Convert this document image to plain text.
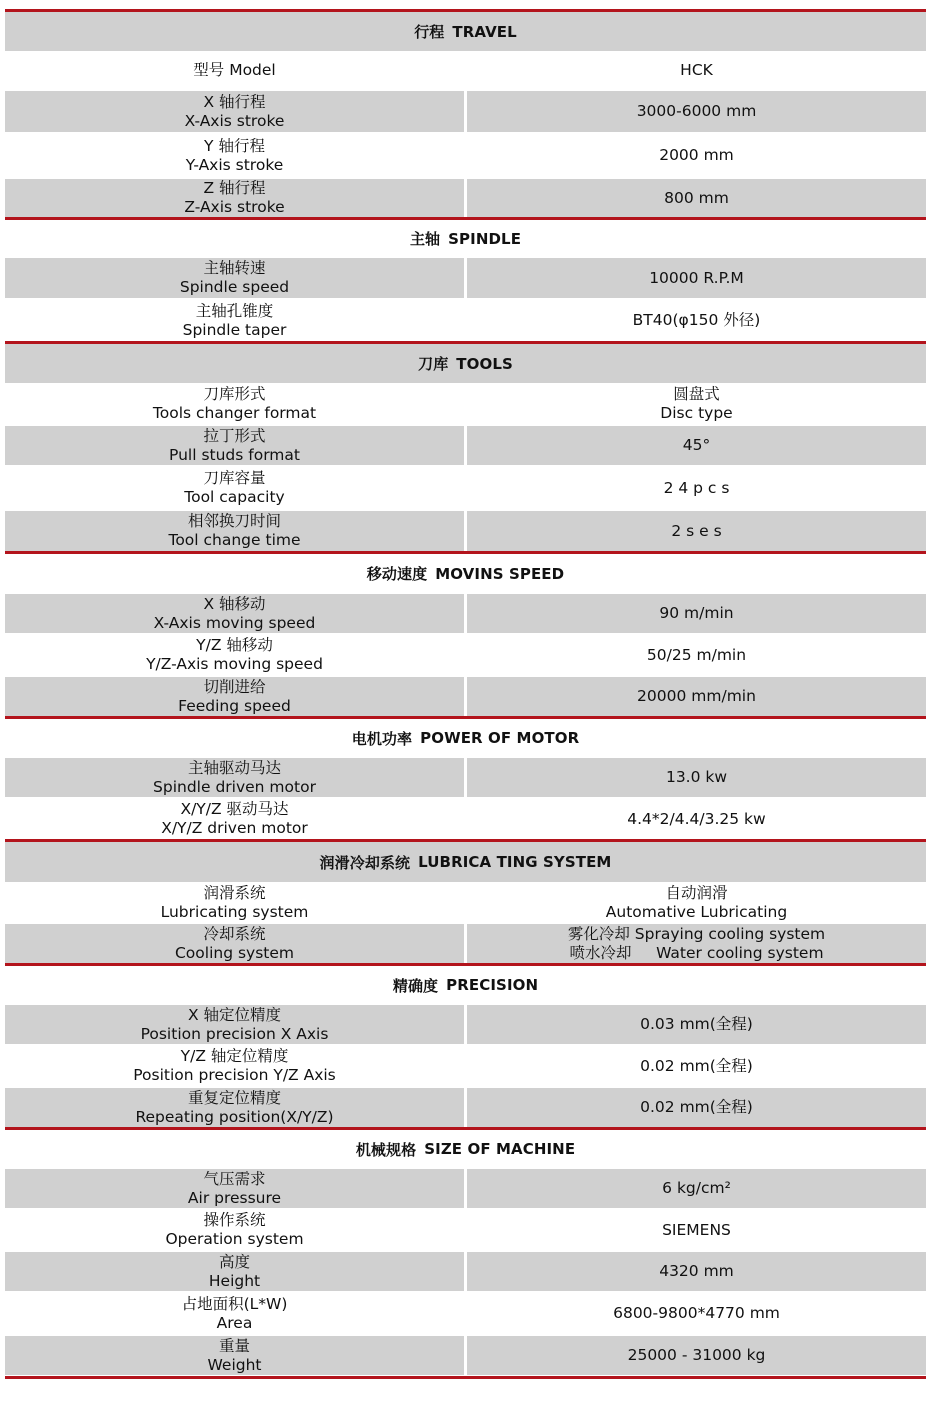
行程 TRAVEL
型号 Model	HCK
X 轴行程
X-Axis stroke
3000-6000 mm
Y 轴行程
Y-Axis stroke
2000 mm
Z 轴行程
Z-Axis stroke
800 mm
主轴 SPINDLE
主轴转速
Spindle speed
10000 R.P.M
主轴孔锥度
Spindle taper
BT40(φ150 外径)
刀库 TOOLS
刀库形式
Tools changer format
圆盘式
Disc type
拉丁形式
Pull studs format
45°
刀库容量
Tool capacity
2 4 p c s
相邻换刀时间
Tool change time
2 s e s
移动速度 MOVINS SPEED
X 轴移动
X-Axis moving speed
90 m/min
Y/Z 轴移动
Y/Z-Axis moving speed
50/25 m/min
切削进给
Feeding speed
20000 mm/min
电机功率 POWER OF MOTOR
主轴驱动马达
Spindle driven motor
13.0 kw
X/Y/Z 驱动马达
X/Y/Z driven motor
4.4*2/4.4/3.25 kw
润滑冷却系统 LUBRICA TING SYSTEM
润滑系统
Lubricating system
自动润滑
Automative Lubricating
冷却系统
Cooling system
雾化冷却 Spraying cooling system
喷水冷却     Water cooling system
精确度 PRECISION
X 轴定位精度
Position precision X Axis
0.03 mm(全程)
Y/Z 轴定位精度
Position precision Y/Z Axis
0.02 mm(全程)
重复定位精度
Repeating position(X/Y/Z)
0.02 mm(全程)
机械规格 SIZE OF MACHINE
气压需求
Air pressure
6 kg/cm²
操作系统
Operation system
SIEMENS
高度
Height
4320 mm
占地面积(L*W)
Area
6800-9800*4770 mm
重量
Weight
25000 - 31000 kg
